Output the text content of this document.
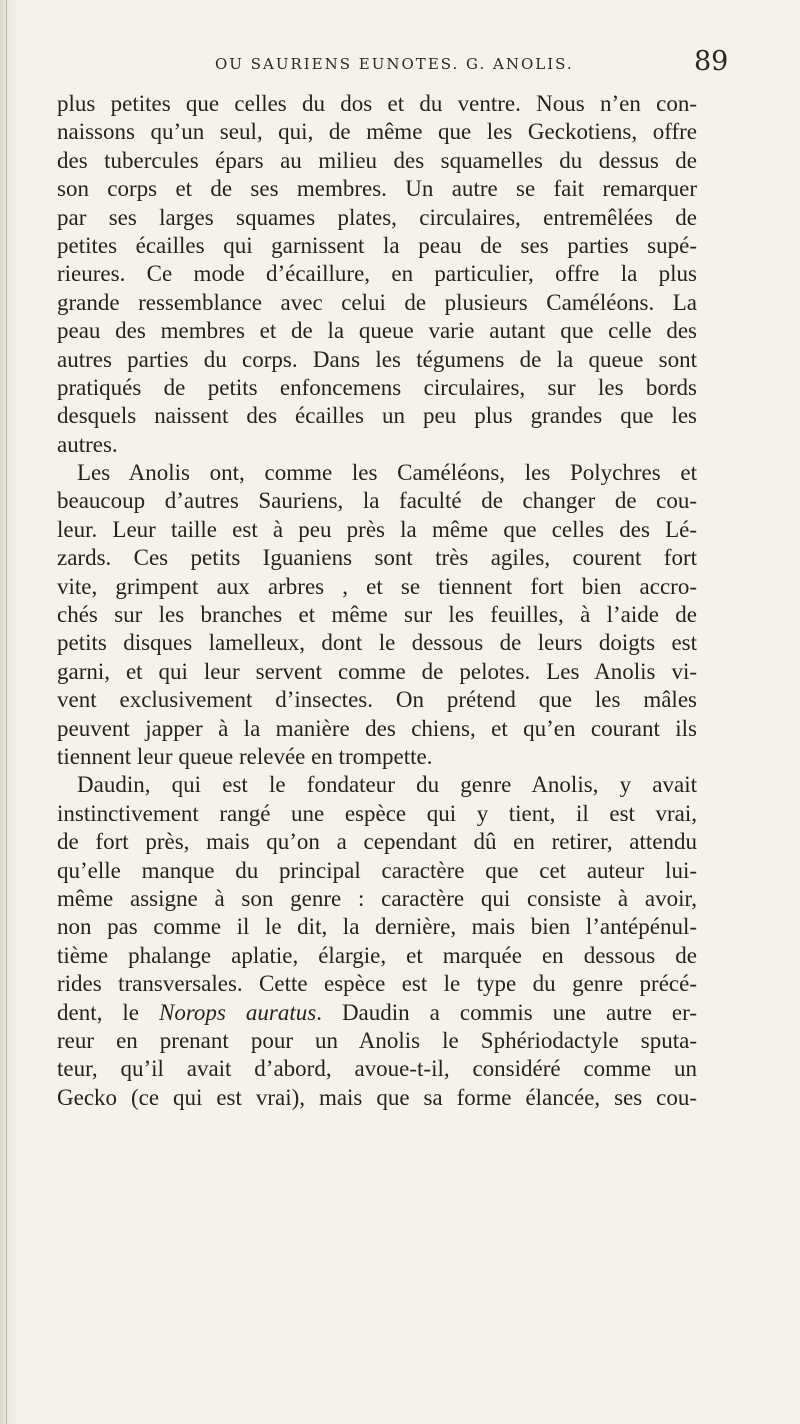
OU SAURIENS EUNOTES. G. ANOLIS.	89
plus petites que celles du dos et du ventre. Nous n’en con-
naissons qu’un seul, qui, de même que les Geckotiens, offre
des tubercules épars au milieu des squamelles du dessus de
son corps et de ses membres. Un autre se fait remarquer
par ses larges squames plates, circulaires, entremêlées de
petites écailles qui garnissent la peau de ses parties supé-
rieures. Ce mode d’écaillure, en particulier, offre la plus
grande ressemblance avec celui de plusieurs Caméléons. La
peau des membres et de la queue varie autant que celle des
autres parties du corps. Dans les tégumens de la queue sont
pratiqués de petits enfoncemens circulaires, sur les bords
desquels naissent des écailles un peu plus grandes que les
autres.
Les Anolis ont, comme les Caméléons, les Polychres et
beaucoup d’autres Sauriens, la faculté de changer de cou-
leur. Leur taille est à peu près la même que celles des Lé-
zards. Ces petits Iguaniens sont très agiles, courent fort
vite, grimpent aux arbres , et se tiennent fort bien accro-
chés sur les branches et même sur les feuilles, à l’aide de
petits disques lamelleux, dont le dessous de leurs doigts est
garni, et qui leur servent comme de pelotes. Les Anolis vi-
vent exclusivement d’insectes. On prétend que les mâles
peuvent japper à la manière des chiens, et qu’en courant ils
tiennent leur queue relevée en trompette.
Daudin, qui est le fondateur du genre Anolis, y avait
instinctivement rangé une espèce qui y tient, il est vrai,
de fort près, mais qu’on a cependant dû en retirer, attendu
qu’elle manque du principal caractère que cet auteur lui-
même assigne à son genre : caractère qui consiste à avoir,
non pas comme il le dit, la dernière, mais bien l’antépénul-
tième phalange aplatie, élargie, et marquée en dessous de
rides transversales. Cette espèce est le type du genre précé-
dent, le Norops auratus. Daudin a commis une autre er-
reur en prenant pour un Anolis le Sphériodactyle sputa-
teur, qu’il avait d’abord, avoue-t-il, considéré comme un
Gecko (ce qui est vrai), mais que sa forme élancée, ses cou-
